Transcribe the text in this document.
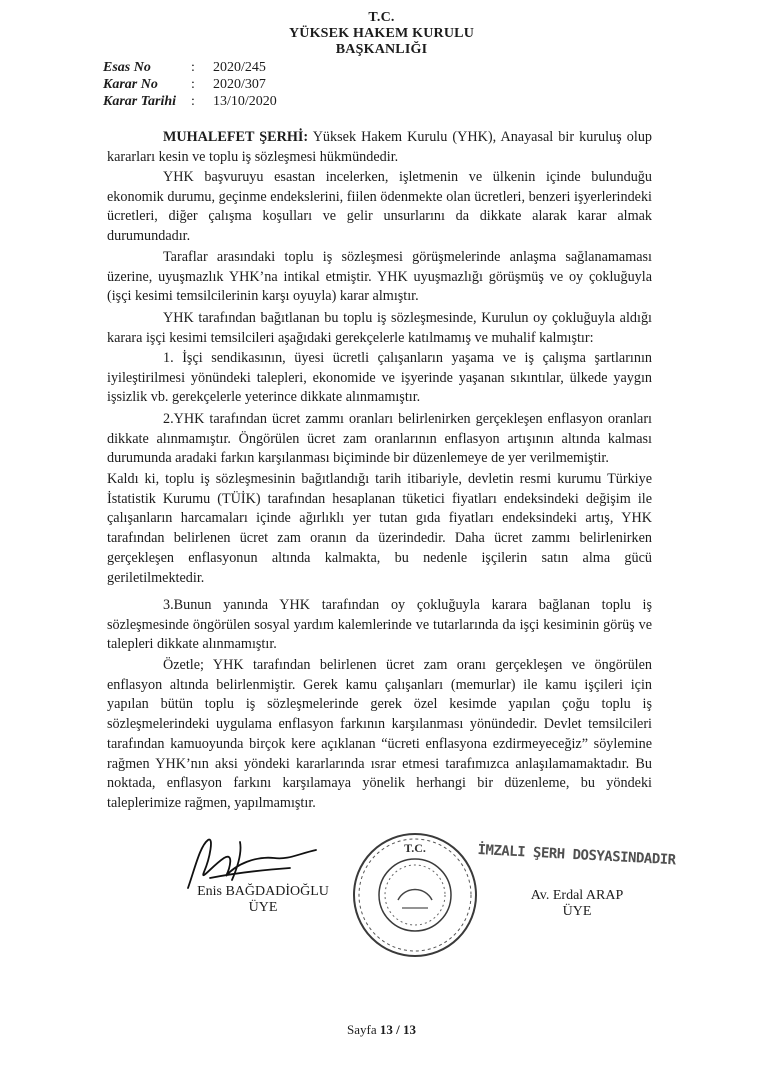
T.C.
YÜKSEK HAKEM KURULU
BAŞKANLIĞI
Esas No	: 2020/245
Karar No : 2020/307
Karar Tarihi : 13/10/2020
MUHALEFET ŞERHİ: Yüksek Hakem Kurulu (YHK), Anayasal bir kuruluş olup kararları kesin ve toplu iş sözleşmesi hükmündedir.
YHK başvuruyu esastan incelerken, işletmenin ve ülkenin içinde bulunduğu ekonomik durumu, geçinme endekslerini, fiilen ödenmekte olan ücretleri, benzeri işyerlerindeki ücretleri, diğer çalışma koşulları ve gelir unsurlarını da dikkate alarak karar almak durumundadır.
Taraflar arasındaki toplu iş sözleşmesi görüşmelerinde anlaşma sağlanamaması üzerine, uyuşmazlık YHK’na intikal etmiştir. YHK uyuşmazlığı görüşmüş ve oy çokluğuyla (işçi kesimi temsilcilerinin karşı oyuyla) karar almıştır.
YHK tarafından bağıtlanan bu toplu iş sözleşmesinde, Kurulun oy çokluğuyla aldığı karara işçi kesimi temsilcileri aşağıdaki gerekçelerle katılmamış ve muhalif kalmıştır:
1. İşçi sendikasının, üyesi ücretli çalışanların yaşama ve iş çalışma şartlarının iyileştirilmesi yönündeki talepleri, ekonomide ve işyerinde yaşanan sıkıntılar, ülkede yaygın işsizlik vb. gerekçelerle yeterince dikkate alınmamıştır.
2.YHK tarafından ücret zammı oranları belirlenirken gerçekleşen enflasyon oranları dikkate alınmamıştır. Öngörülen ücret zam oranlarının enflasyon artışının altında kalması durumunda aradaki farkın karşılanması biçiminde bir düzenlemeye de yer verilmemiştir.
Kaldı ki, toplu iş sözleşmesinin bağıtlandığı tarih itibariyle, devletin resmi kurumu Türkiye İstatistik Kurumu (TÜİK) tarafından hesaplanan tüketici fiyatları endeksindeki değişim ile çalışanların harcamaları içinde ağırlıklı yer tutan gıda fiyatları endeksindeki artış, YHK tarafından belirlenen ücret zam oranın da üzerindedir. Daha ücret zammı belirlenirken gerçekleşen enflasyonun altında kalmakta, bu nedenle işçilerin satın alma gücü geriletilmektedir.
3.Bunun yanında YHK tarafından oy çokluğuyla karara bağlanan toplu iş sözleşmesinde öngörülen sosyal yardım kalemlerinde ve tutarlarında da işçi kesiminin görüş ve talepleri dikkate alınmamıştır.
Özetle; YHK tarafından belirlenen ücret zam oranı gerçekleşen ve öngörülen enflasyon altında belirlenmiştir. Gerek kamu çalışanları (memurlar) ile kamu işçileri için yapılan bütün toplu iş sözleşmelerinde gerek özel kesimde yapılan çoğu toplu iş sözleşmelerindeki uygulama enflasyon farkının karşılanması yönündedir. Devlet temsilcileri tarafından kamuoyunda birçok kere açıklanan “ücreti enflasyona ezdirmeyeceğiz” söylemine rağmen YHK’nın aksi yöndeki kararlarında ısrar etmesi tarafımızca anlaşılamamaktadır. Bu noktada, enflasyon farkını karşılamaya yönelik herhangi bir düzenleme, bu yöndeki taleplerimize rağmen, yapılmamıştır.
T.C.	İMZALI ŞERH DOSYASINDADIR
Enis BAĞDADİOĞLU
ÜYE
Av. Erdal ARAP
ÜYE
Sayfa 13 / 13
